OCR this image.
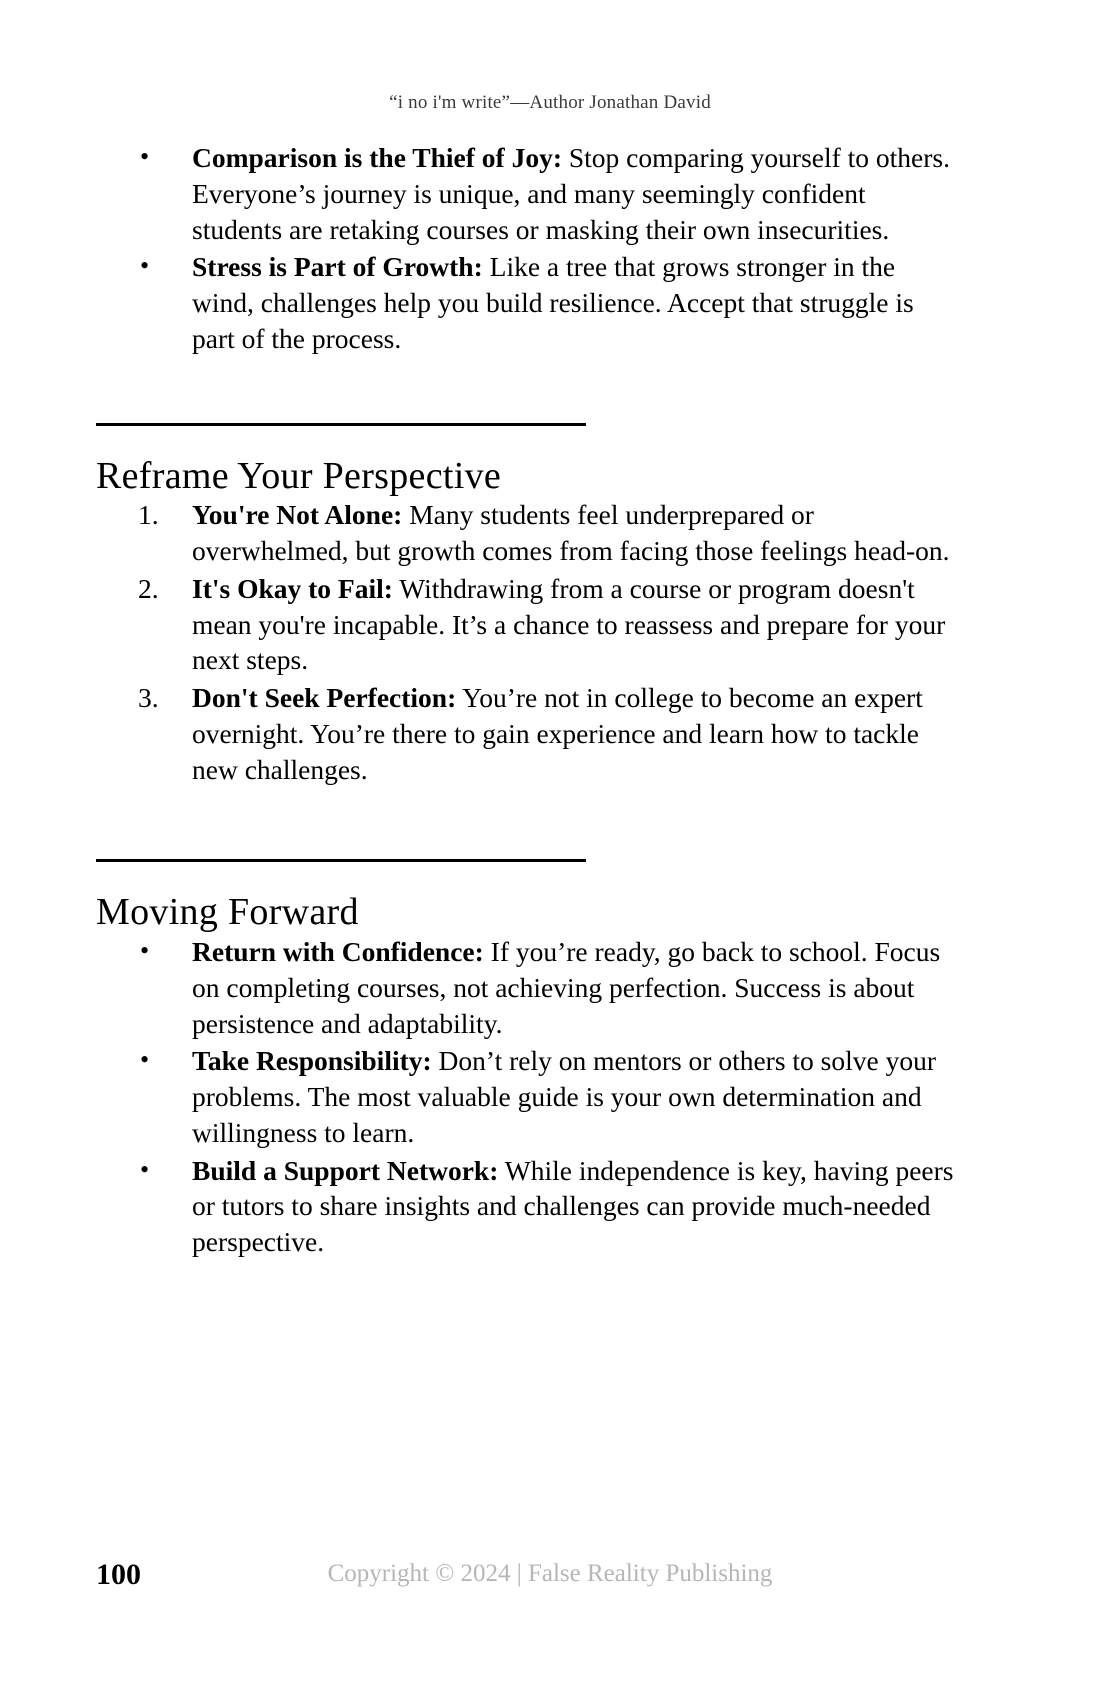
“i no i'm write”—Author Jonathan David
• Comparison is the Thief of Joy: Stop comparing yourself to others. Everyone’s journey is unique, and many seemingly confident students are retaking courses or masking their own insecurities.
• Stress is Part of Growth: Like a tree that grows stronger in the wind, challenges help you build resilience. Accept that struggle is part of the process.
Reframe Your Perspective
1.	You're Not Alone: Many students feel underprepared or overwhelmed, but growth comes from facing those feelings head-on.
2.	It's Okay to Fail: Withdrawing from a course or program doesn't mean you're incapable. It’s a chance to reassess and prepare for your next steps.
3.	Don't Seek Perfection: You’re not in college to become an expert overnight. You’re there to gain experience and learn how to tackle new challenges.
Moving Forward
• Return with Confidence: If you’re ready, go back to school. Focus on completing courses, not achieving perfection. Success is about persistence and adaptability.
• Take Responsibility: Don’t rely on mentors or others to solve your problems. The most valuable guide is your own determination and willingness to learn.
• Build a Support Network: While independence is key, having peers or tutors to share insights and challenges can provide much-needed perspective.
100	Copyright © 2024 | False Reality Publishing
